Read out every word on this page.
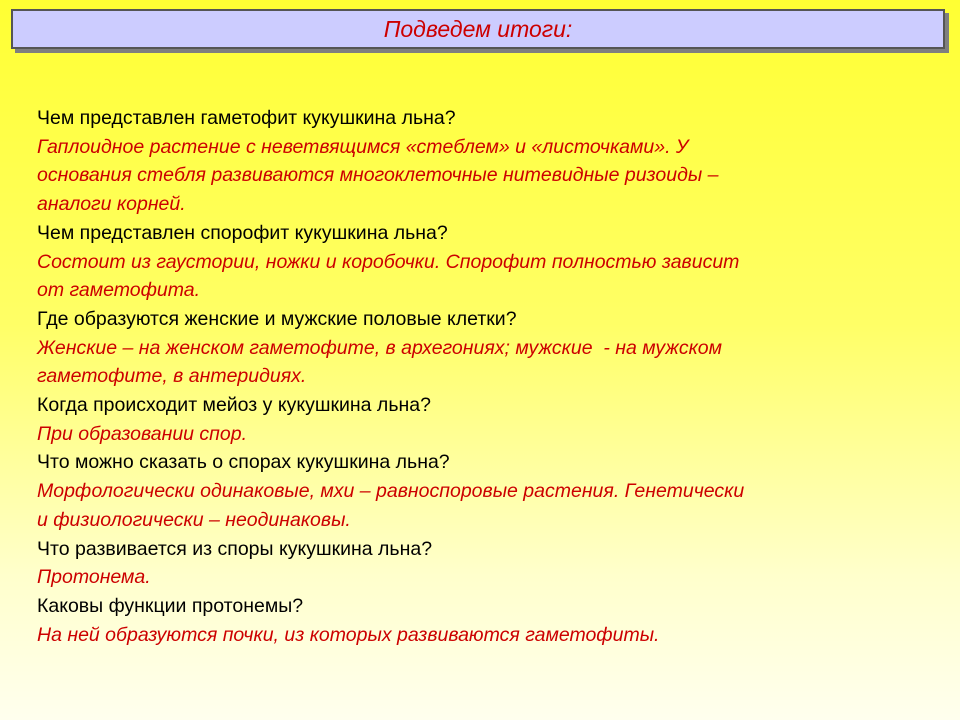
Подведем итоги:
Чем представлен гаметофит кукушкина льна?
Гаплоидное растение с неветвящимся «стеблем» и «листочками». У
основания стебля развиваются многоклеточные нитевидные ризоиды –
аналоги корней.
Чем представлен спорофит кукушкина льна?
Состоит из гаустории, ножки и коробочки. Спорофит полностью зависит
от гаметофита.
Где образуются женские и мужские половые клетки?
Женские – на женском гаметофите, в архегониях; мужские  - на мужском
гаметофите, в антеридиях.
Когда происходит мейоз у кукушкина льна?
При образовании спор.
Что можно сказать о спорах кукушкина льна?
Морфологически одинаковые, мхи – равноспоровые растения. Генетически
и физиологически – неодинаковы.
Что развивается из споры кукушкина льна?
Протонема.
Каковы функции протонемы?
На ней образуются почки, из которых развиваются гаметофиты.
